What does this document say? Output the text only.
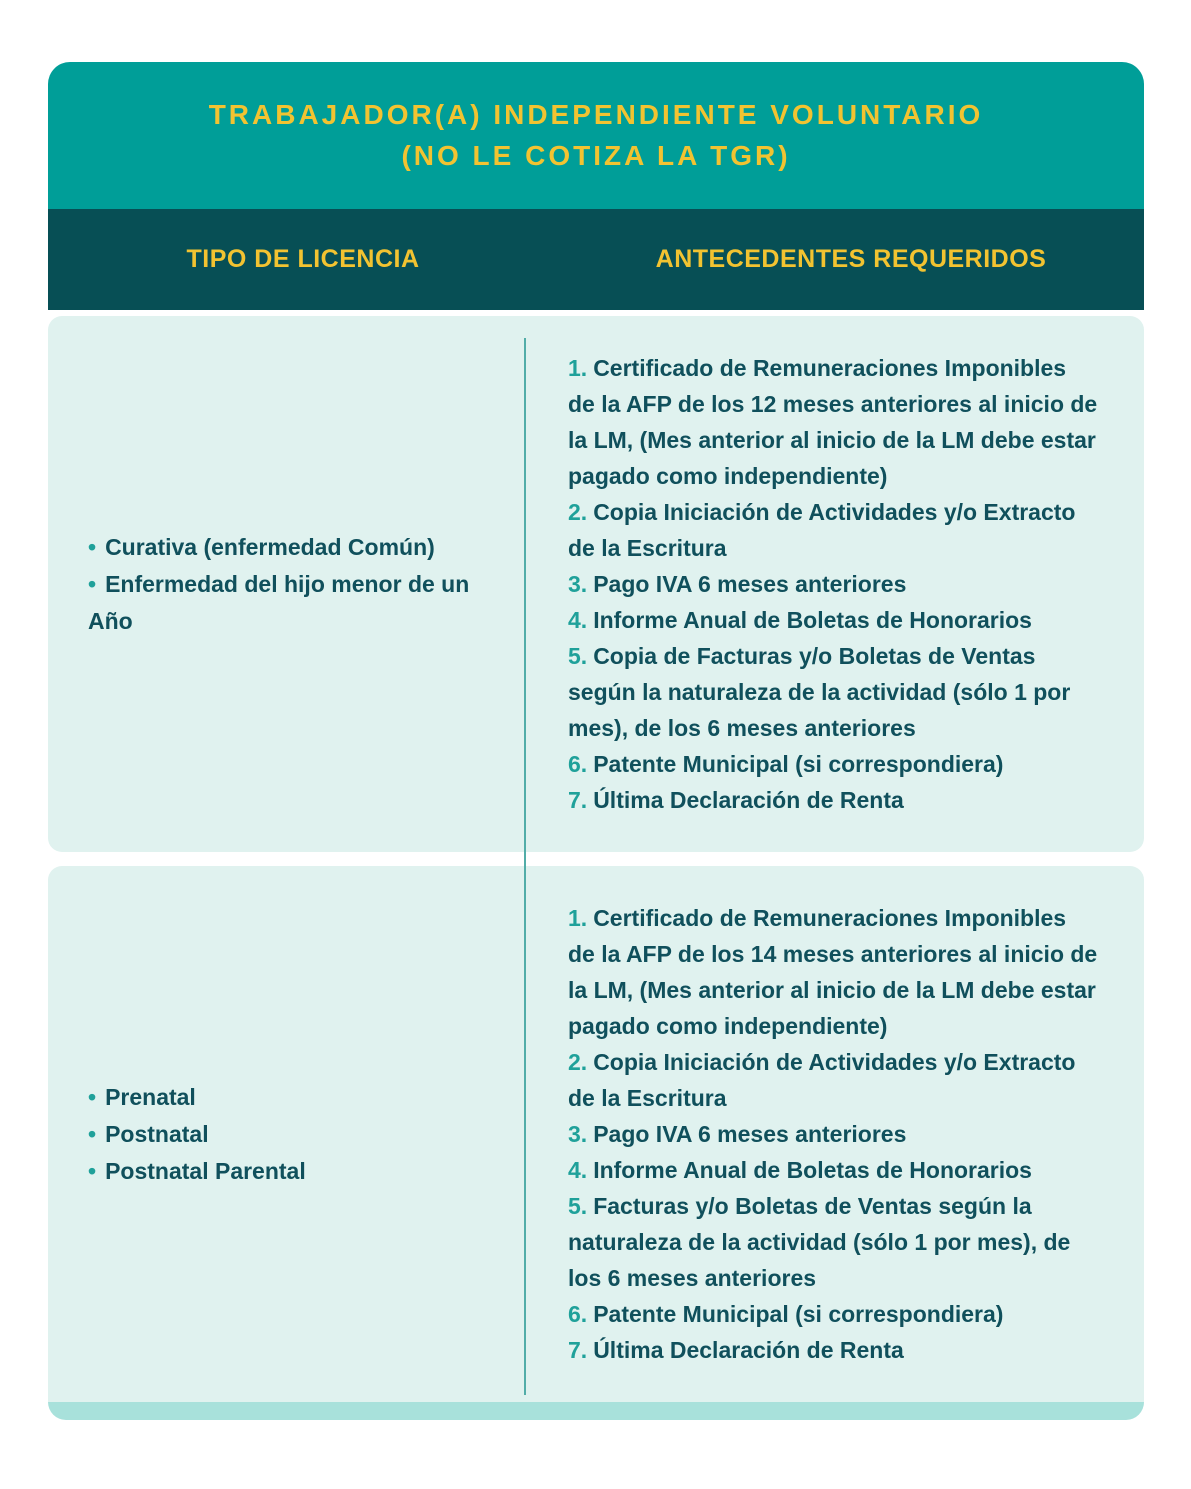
TRABAJADOR(A) INDEPENDIENTE VOLUNTARIO
(NO LE COTIZA LA TGR)
TIPO DE LICENCIA	ANTECEDENTES REQUERIDOS
• Curativa (enfermedad Común)
• Enfermedad del hijo menor de un Año

1. Certificado de Remuneraciones Imponibles de la AFP de los 12 meses anteriores al inicio de la LM, (Mes anterior al inicio de la LM debe estar pagado como independiente)

2. Copia Iniciación de Actividades y/o Extracto de la Escritura

3. Pago IVA 6 meses anteriores

4. Informe Anual de Boletas de Honorarios

5. Copia de Facturas y/o Boletas de Ventas según la naturaleza de la actividad (sólo 1 por mes), de los 6 meses anteriores

6. Patente Municipal (si correspondiera)

7. Última Declaración de Renta

• Prenatal
• Postnatal
• Postnatal Parental

1. Certificado de Remuneraciones Imponibles de la AFP de los 14 meses anteriores al inicio de la LM, (Mes anterior al inicio de la LM debe estar pagado como independiente)

2. Copia Iniciación de Actividades y/o Extracto de la Escritura

3. Pago IVA 6 meses anteriores

4. Informe Anual de Boletas de Honorarios

5. Facturas y/o Boletas de Ventas según la naturaleza de la actividad (sólo 1 por mes), de los 6 meses anteriores

6. Patente Municipal (si correspondiera)

7. Última Declaración de Renta
